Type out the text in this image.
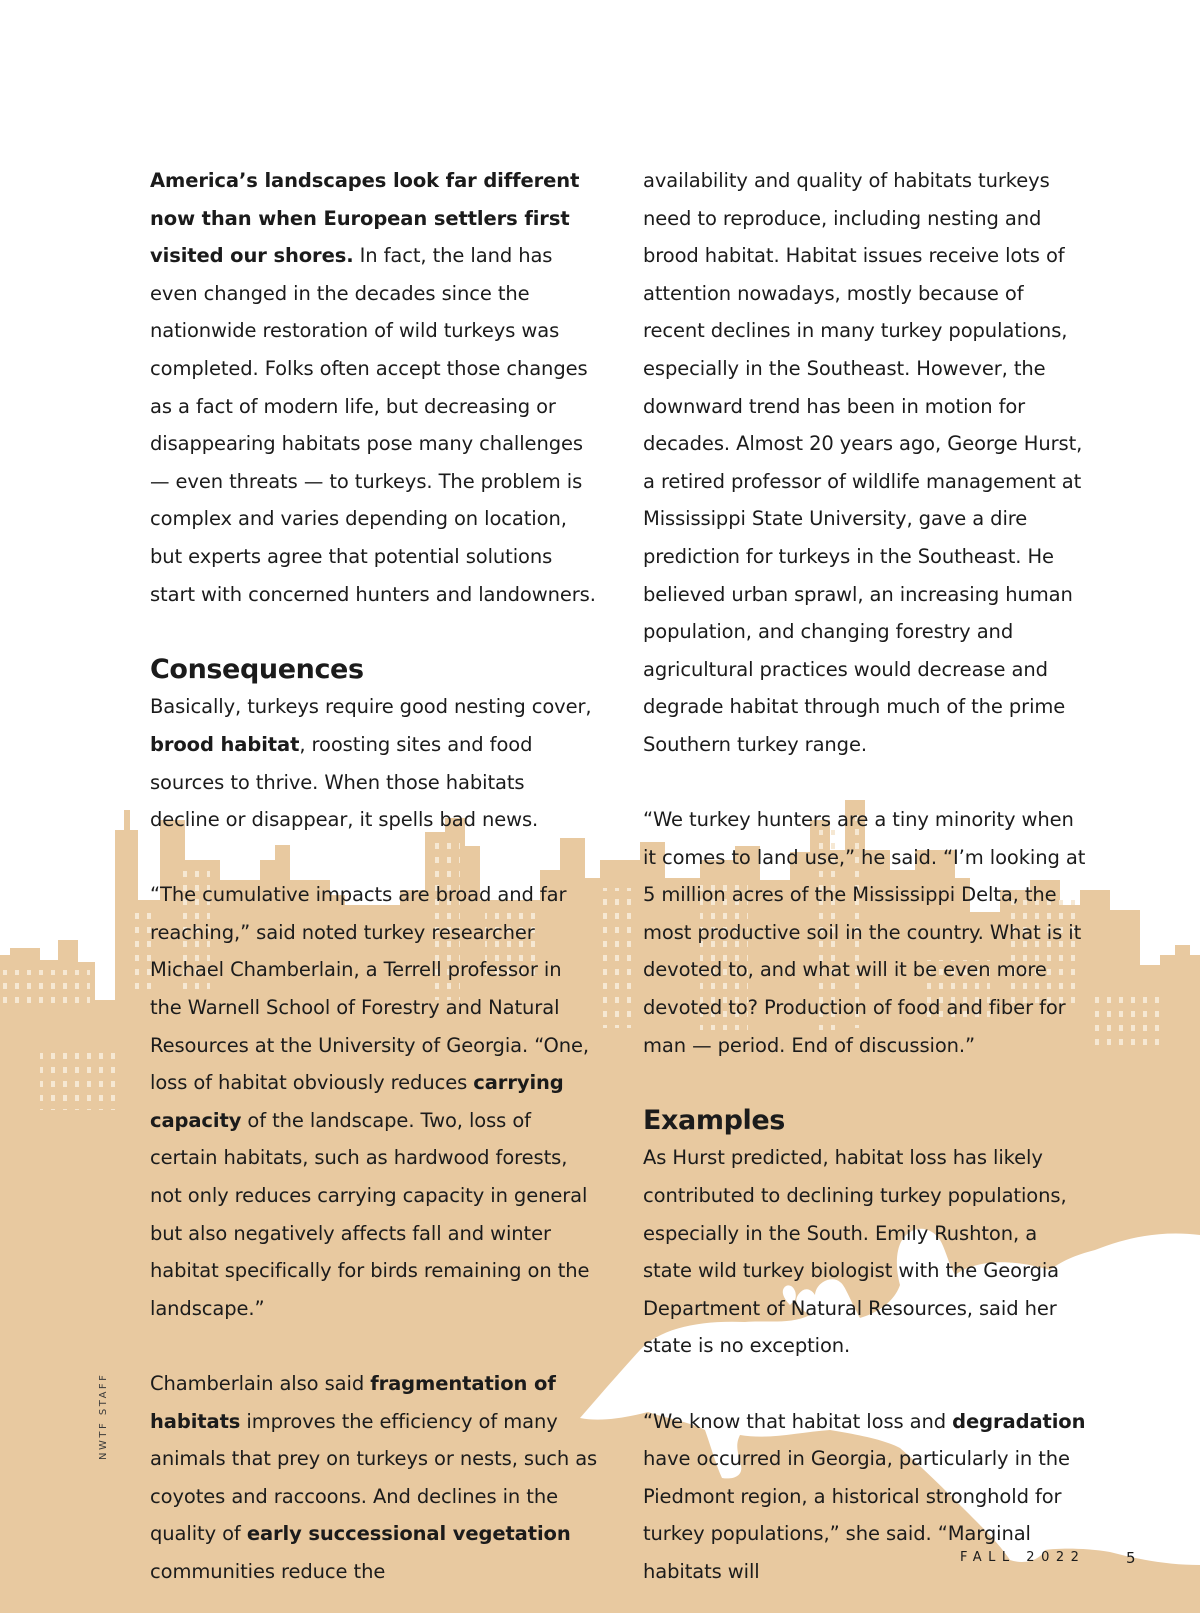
America’s landscapes look far different now than when European settlers first visited our shores. In fact, the land has even changed in the decades since the nationwide restoration of wild turkeys was completed. Folks often accept those changes as a fact of modern life, but decreasing or disappearing habitats pose many challenges — even threats — to turkeys. The problem is complex and varies depending on location, but experts agree that potential solutions start with concerned hunters and landowners.

Consequences

Basically, turkeys require good nesting cover, brood habitat, roosting sites and food sources to thrive. When those habitats decline or disappear, it spells bad news.

“The cumulative impacts are broad and far reaching,” said noted turkey researcher Michael Chamberlain, a Terrell professor in the Warnell School of Forestry and Natural Resources at the University of Georgia. “One, loss of habitat obviously reduces carrying capacity of the landscape. Two, loss of certain habitats, such as hardwood forests, not only reduces carrying capacity in general but also negatively affects fall and winter habitat specifically for birds remaining on the landscape.”

Chamberlain also said fragmentation of habitats improves the efficiency of many animals that prey on turkeys or nests, such as coyotes and raccoons. And declines in the quality of early successional vegetation communities reduce the

availability and quality of habitats turkeys need to reproduce, including nesting and brood habitat. Habitat issues receive lots of attention nowadays, mostly because of recent declines in many turkey populations, especially in the Southeast. However, the downward trend has been in motion for decades. Almost 20 years ago, George Hurst, a retired professor of wildlife management at Mississippi State University, gave a dire prediction for turkeys in the Southeast. He believed urban sprawl, an increasing human population, and changing forestry and agricultural practices would decrease and degrade habitat through much of the prime Southern turkey range.

“We turkey hunters are a tiny minority when it comes to land use,” he said. “I’m looking at 5 million acres of the Mississippi Delta, the most productive soil in the country. What is it devoted to, and what will it be even more devoted to? Production of food and fiber for man — period. End of discussion.”

Examples

As Hurst predicted, habitat loss has likely contributed to declining turkey populations, especially in the South. Emily Rushton, a state wild turkey biologist with the Georgia Department of Natural Resources, said her state is no exception.

“We know that habitat loss and degradation have occurred in Georgia, particularly in the Piedmont region, a historical stronghold for turkey populations,” she said. “Marginal habitats will

NWTF STAFF
FALL 2022	5
